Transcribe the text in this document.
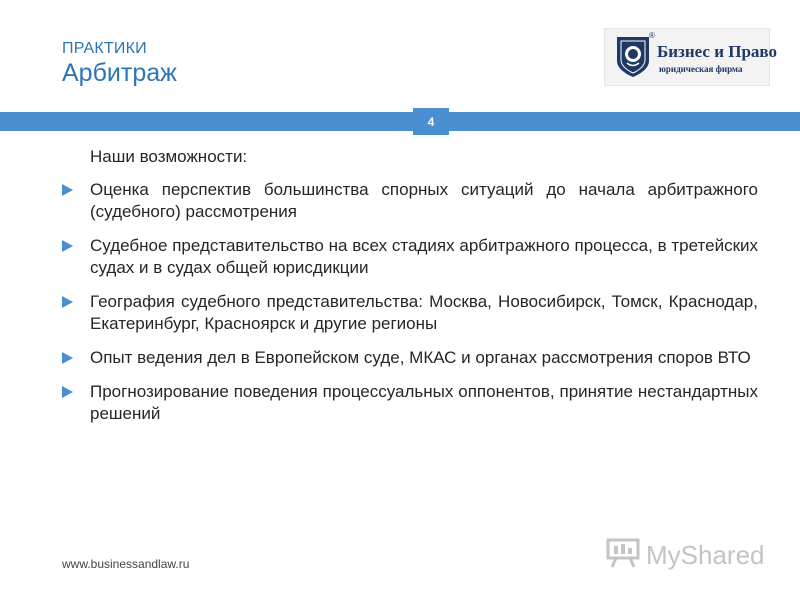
ПРАКТИКИ
Арбитраж
®
Бизнес и Право
юридическая фирма
4
Наши возможности:
Оценка перспектив большинства спорных ситуаций до начала арбитражного (судебного) рассмотрения
Судебное представительство на всех стадиях арбитражного процесса, в третейских судах и в судах общей юрисдикции
География судебного представительства: Москва, Новосибирск, Томск, Краснодар, Екатеринбург, Красноярск и другие регионы
Опыт ведения дел в Европейском суде, МКАС и органах рассмотрения споров ВТО
Прогнозирование поведения процессуальных оппонентов, принятие нестандартных решений
www.businessandlaw.ru	MyShared
